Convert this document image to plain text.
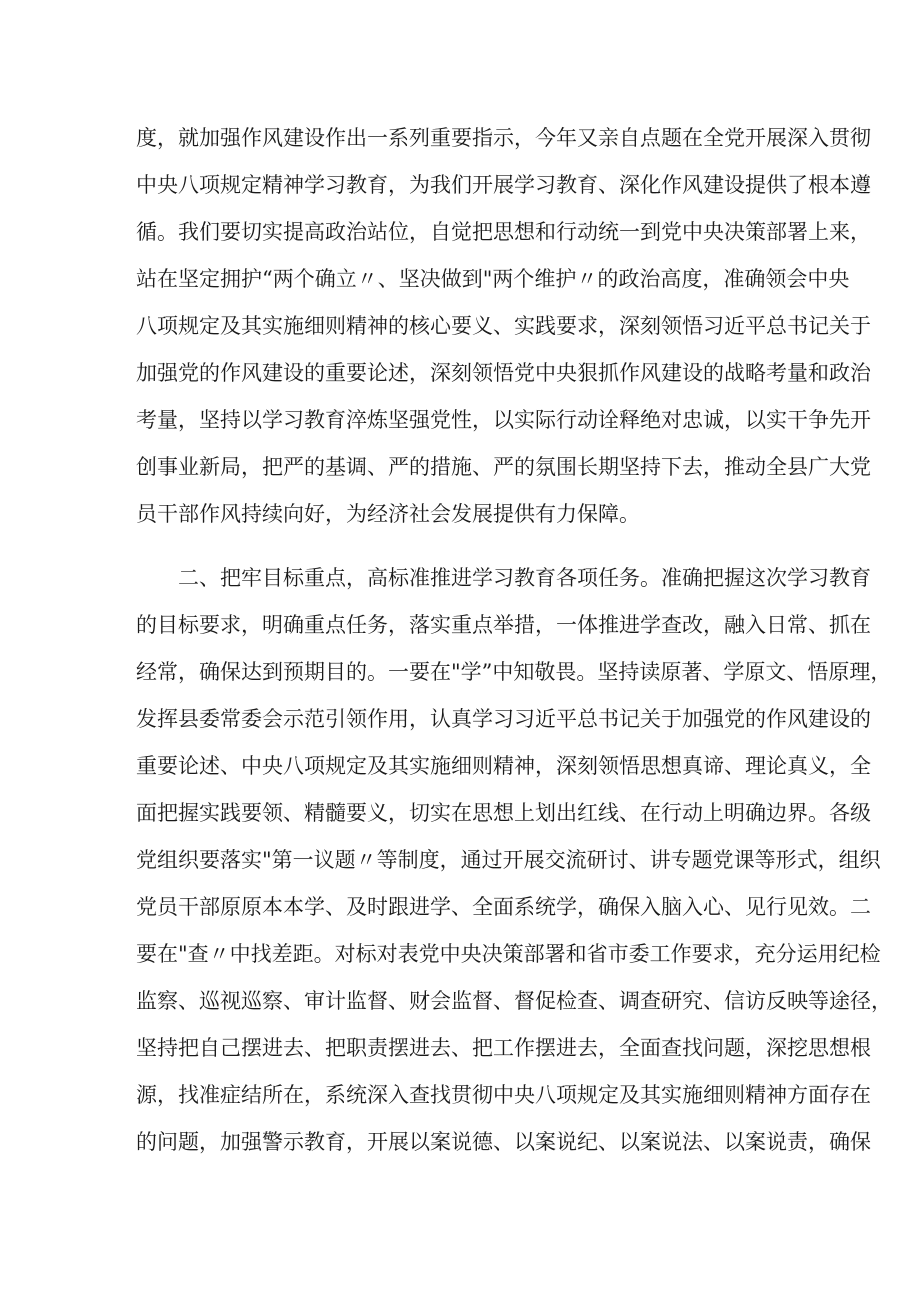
度，就加强作风建设作出一系列重要指示，今年又亲自点题在全党开展深入贯彻
中央八项规定精神学习教育，为我们开展学习教育、深化作风建设提供了根本遵
循。我们要切实提高政治站位，自觉把思想和行动统一到党中央决策部署上来，
站在坚定拥护“两个确立〃、坚决做到"两个维护〃的政治高度，准确领会中央
八项规定及其实施细则精神的核心要义、实践要求，深刻领悟习近平总书记关于
加强党的作风建设的重要论述，深刻领悟党中央狠抓作风建设的战略考量和政治
考量，坚持以学习教育淬炼坚强党性，以实际行动诠释绝对忠诚，以实干争先开
创事业新局，把严的基调、严的措施、严的氛围长期坚持下去，推动全县广大党
员干部作风持续向好，为经济社会发展提供有力保障。
二、把牢目标重点，高标准推进学习教育各项任务。准确把握这次学习教育
的目标要求，明确重点任务，落实重点举措，一体推进学查改，融入日常、抓在
经常，确保达到预期目的。一要在"学”中知敬畏。坚持读原著、学原文、悟原理，
发挥县委常委会示范引领作用，认真学习习近平总书记关于加强党的作风建设的
重要论述、中央八项规定及其实施细则精神，深刻领悟思想真谛、理论真义，全
面把握实践要领、精髓要义，切实在思想上划出红线、在行动上明确边界。各级
党组织要落实"第一议题〃等制度，通过开展交流研讨、讲专题党课等形式，组织
党员干部原原本本学、及时跟进学、全面系统学，确保入脑入心、见行见效。二
要在"查〃中找差距。对标对表党中央决策部署和省市委工作要求，充分运用纪检
监察、巡视巡察、审计监督、财会监督、督促检查、调查研究、信访反映等途径，
坚持把自己摆进去、把职责摆进去、把工作摆进去，全面查找问题，深挖思想根
源，找准症结所在，系统深入查找贯彻中央八项规定及其实施细则精神方面存在
的问题，加强警示教育，开展以案说德、以案说纪、以案说法、以案说责，确保
